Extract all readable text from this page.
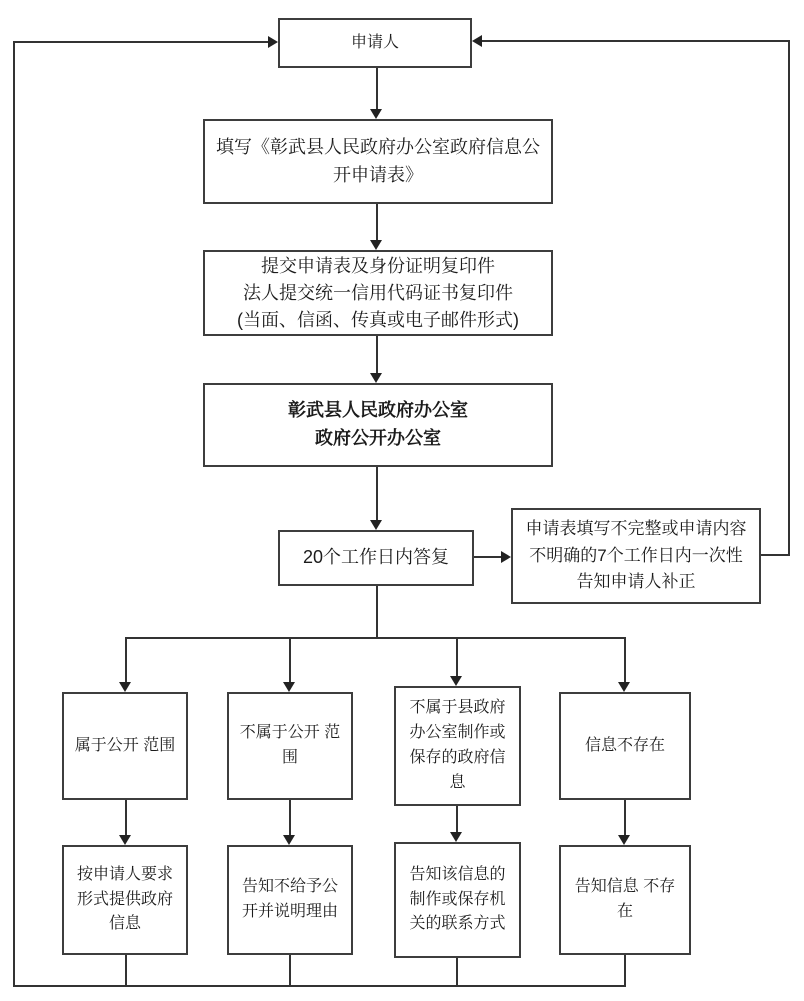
申请人
填写《彰武县人民政府办公室政府信息公开申请表》
提交申请表及身份证明复印件
法人提交统一信用代码证书复印件
(当面、信函、传真或电子邮件形式)
彰武县人民政府办公室
政府公开办公室
20个工作日内答复
申请表填写不完整或申请内容不明确的7个工作日内一次性告知申请人补正
属于公开 范围
不属于公开 范围
不属于县政府办公室制作或保存的政府信息
信息不存在
按申请人要求形式提供政府信息
告知不给予公开并说明理由
告知该信息的制作或保存机关的联系方式
告知信息 不存在
